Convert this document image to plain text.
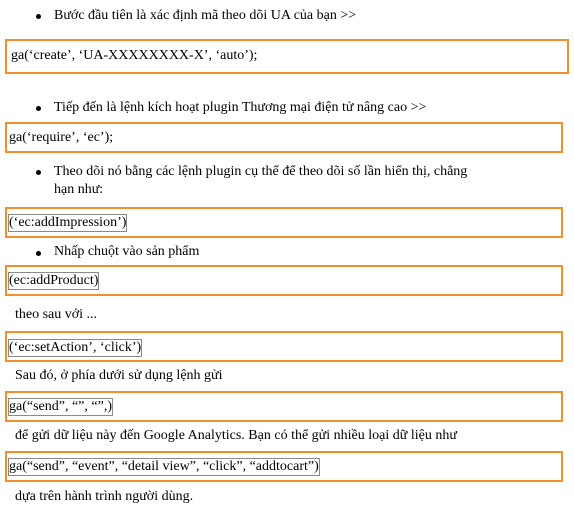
Bước đầu tiên là xác định mã theo dõi UA của bạn >>
ga(‘create’, ‘UA-XXXXXXXX-X’, ‘auto’);
Tiếp đến là lệnh kích hoạt plugin Thương mại điện tử nâng cao >>
ga(‘require’, ‘ec’);
Theo dõi nó bằng các lệnh plugin cụ thể để theo dõi số lần hiển thị, chẳng
hạn như:
(‘ec:addImpression’)
Nhấp chuột vào sản phẩm
(ec:addProduct)
theo sau với ...
(‘ec:setAction’, ‘click’)
Sau đó, ở phía dưới sử dụng lệnh gửi
ga(“send”, “”, “”,)
để gửi dữ liệu này đến Google Analytics. Bạn có thể gửi nhiều loại dữ liệu như
ga(“send”, “event”, “detail view”, “click”, “addtocart”)
dựa trên hành trình người dùng.
